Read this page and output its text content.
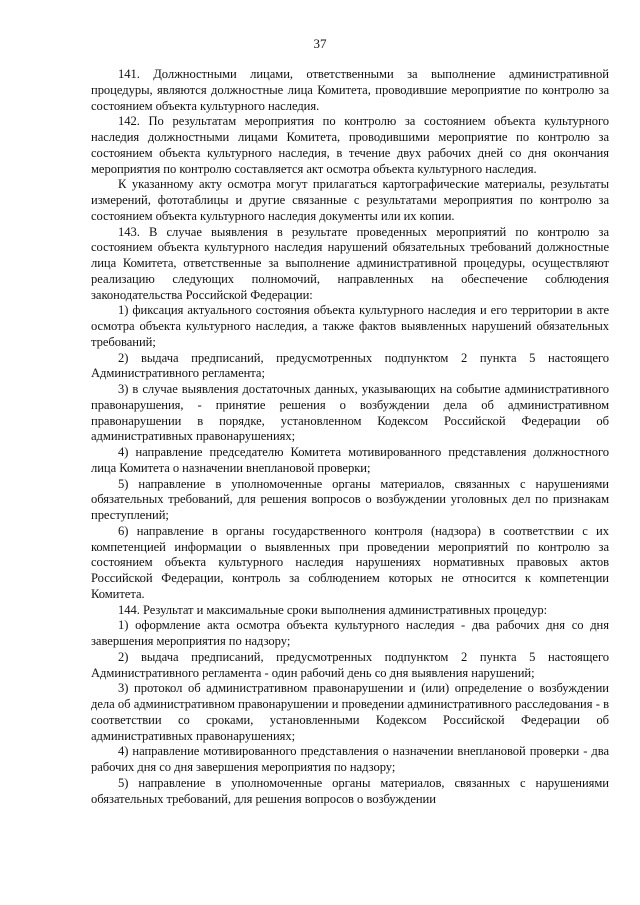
37

141. Должностными лицами, ответственными за выполнение административной процедуры, являются должностные лица Комитета, проводившие мероприятие по контролю за состоянием объекта культурного наследия.

142. По результатам мероприятия по контролю за состоянием объекта культурного наследия должностными лицами Комитета, проводившими мероприятие по контролю за состоянием объекта культурного наследия, в течение двух рабочих дней со дня окончания мероприятия по контролю составляется акт осмотра объекта культурного наследия.

К указанному акту осмотра могут прилагаться картографические материалы, результаты измерений, фототаблицы и другие связанные с результатами мероприятия по контролю за состоянием объекта культурного наследия документы или их копии.

143. В случае выявления в результате проведенных мероприятий по контролю за состоянием объекта культурного наследия нарушений обязательных требований должностные лица Комитета, ответственные за выполнение административной процедуры, осуществляют реализацию следующих полномочий, направленных на обеспечение соблюдения законодательства Российской Федерации:

1) фиксация актуального состояния объекта культурного наследия и его территории в акте осмотра объекта культурного наследия, а также фактов выявленных нарушений обязательных требований;

2) выдача предписаний, предусмотренных подпунктом 2 пункта 5 настоящего Административного регламента;

3) в случае выявления достаточных данных, указывающих на событие административного правонарушения, - принятие решения о возбуждении дела об административном правонарушении в порядке, установленном Кодексом Российской Федерации об административных правонарушениях;

4) направление председателю Комитета мотивированного представления должностного лица Комитета о назначении внеплановой проверки;

5) направление в уполномоченные органы материалов, связанных с нарушениями обязательных требований, для решения вопросов о возбуждении уголовных дел по признакам преступлений;

6) направление в органы государственного контроля (надзора) в соответствии с их компетенцией информации о выявленных при проведении мероприятий по контролю за состоянием объекта культурного наследия нарушениях нормативных правовых актов Российской Федерации, контроль за соблюдением которых не относится к компетенции Комитета.

144. Результат и максимальные сроки выполнения административных процедур:

1) оформление акта осмотра объекта культурного наследия - два рабочих дня со дня завершения мероприятия по надзору;

2) выдача предписаний, предусмотренных подпунктом 2 пункта 5 настоящего Административного регламента - один рабочий день со дня выявления нарушений;

3) протокол об административном правонарушении и (или) определение о возбуждении дела об административном правонарушении и проведении административного расследования - в соответствии со сроками, установленными Кодексом Российской Федерации об административных правонарушениях;

4) направление мотивированного представления о назначении внеплановой проверки - два рабочих дня со дня завершения мероприятия по надзору;

5) направление в уполномоченные органы материалов, связанных с нарушениями обязательных требований, для решения вопросов о возбуждении
